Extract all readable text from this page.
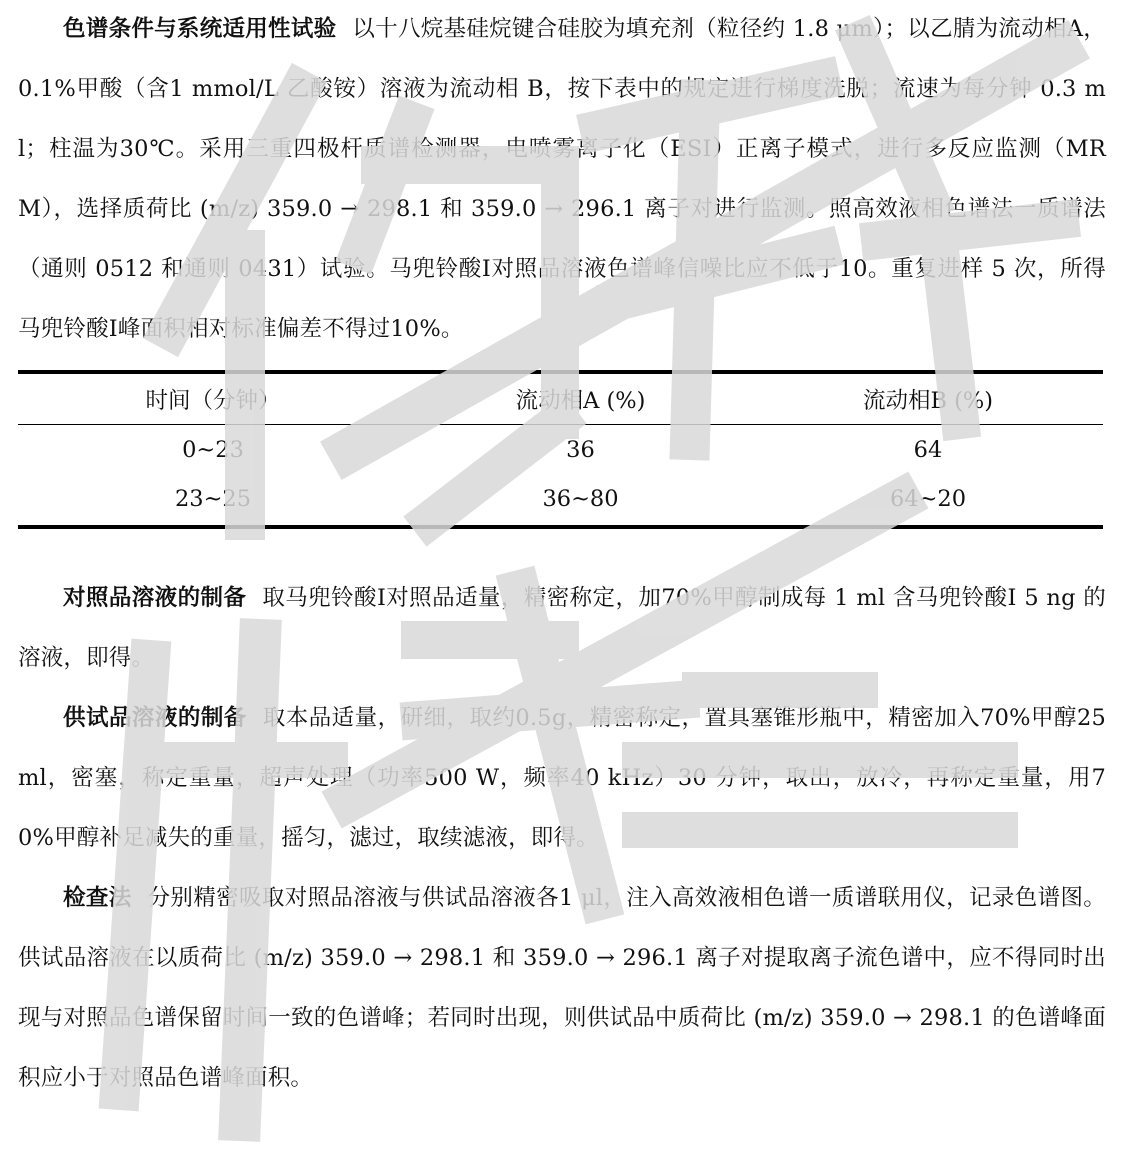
色谱条件与系统适用性试验 以十八烷基硅烷键合硅胶为填充剂（粒径约 1.8 μm）；以乙腈为流动相A，0.1%甲酸（含1 mmol/L 乙酸铵）溶液为流动相 B，按下表中的规定进行梯度洗脱；流速为每分钟 0.3 ml；柱温为30℃。采用三重四极杆质谱检测器，电喷雾离子化（ESI）正离子模式，进行多反应监测（MRM），选择质荷比 (m/z) 359.0 → 298.1 和 359.0 → 296.1 离子对进行监测。照高效液相色谱法一质谱法（通则 0512 和通则 0431）试验。马兜铃酸Ⅰ对照品溶液色谱峰信噪比应不低于10。重复进样 5 次，所得马兜铃酸Ⅰ峰面积相对标准偏差不得过10%。

时间（分钟）	流动相A (%)	流动相B (%)
0~23	36	64
23~25	36~80	64~20

对照品溶液的制备 取马兜铃酸Ⅰ对照品适量，精密称定，加70%甲醇制成每 1 ml 含马兜铃酸Ⅰ 5 ng 的溶液，即得。

供试品溶液的制备 取本品适量，研细，取约0.5g，精密称定，置具塞锥形瓶中，精密加入70%甲醇25 ml，密塞，称定重量，超声处理（功率500 W，频率40 kHz）30 分钟，取出，放冷，再称定重量，用70%甲醇补足减失的重量，摇匀，滤过，取续滤液，即得。

检查法 分别精密吸取对照品溶液与供试品溶液各1 μl，注入高效液相色谱一质谱联用仪，记录色谱图。供试品溶液在以质荷比 (m/z) 359.0 → 298.1 和 359.0 → 296.1 离子对提取离子流色谱中，应不得同时出现与对照品色谱保留时间一致的色谱峰；若同时出现，则供试品中质荷比 (m/z) 359.0 → 298.1 的色谱峰面积应小于对照品色谱峰面积。
